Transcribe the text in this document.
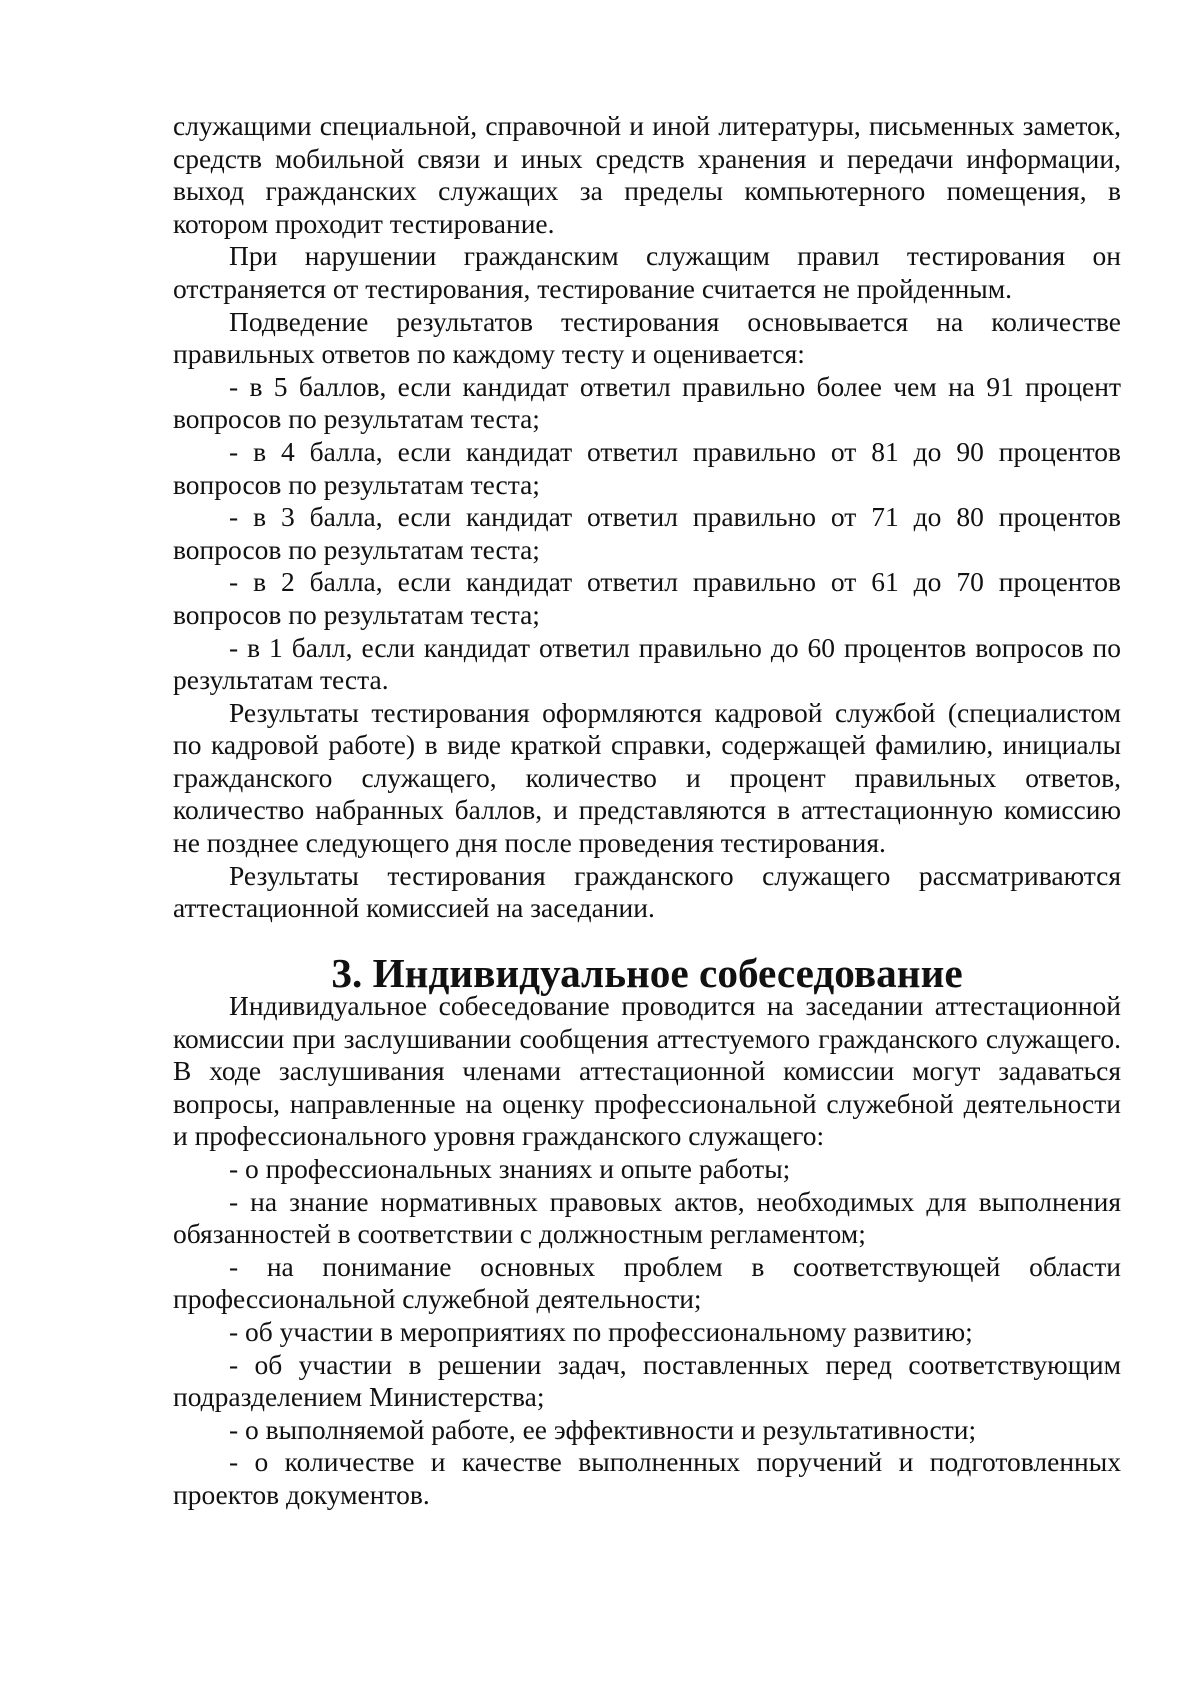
служащими специальной, справочной и иной литературы, письменных заметок, средств мобильной связи и иных средств хранения и передачи информации, выход гражданских служащих за пределы компьютерного помещения, в котором проходит тестирование.

При нарушении гражданским служащим правил тестирования он отстраняется от тестирования, тестирование считается не пройденным.

Подведение результатов тестирования основывается на количестве правильных ответов по каждому тесту и оценивается:

- в 5 баллов, если кандидат ответил правильно более чем на 91 процент вопросов по результатам теста;

- в 4 балла, если кандидат ответил правильно от 81 до 90 процентов вопросов по результатам теста;

- в 3 балла, если кандидат ответил правильно от 71 до 80 процентов вопросов по результатам теста;

- в 2 балла, если кандидат ответил правильно от 61 до 70 процентов вопросов по результатам теста;

- в 1 балл, если кандидат ответил правильно до 60 процентов вопросов по результатам теста.

Результаты тестирования оформляются кадровой службой (специалистом по кадровой работе) в виде краткой справки, содержащей фамилию, инициалы гражданского служащего, количество и процент правильных ответов, количество набранных баллов, и представляются в аттестационную комиссию не позднее следующего дня после проведения тестирования.

Результаты тестирования гражданского служащего рассматриваются аттестационной комиссией на заседании.

3. Индивидуальное собеседование

Индивидуальное собеседование проводится на заседании аттестационной комиссии при заслушивании сообщения аттестуемого гражданского служащего. В ходе заслушивания членами аттестационной комиссии могут задаваться вопросы, направленные на оценку профессиональной служебной деятельности и профессионального уровня гражданского служащего:

- о профессиональных знаниях и опыте работы;

- на знание нормативных правовых актов, необходимых для выполнения обязанностей в соответствии с должностным регламентом;

- на понимание основных проблем в соответствующей области профессиональной служебной деятельности;

- об участии в мероприятиях по профессиональному развитию;

- об участии в решении задач, поставленных перед соответствующим подразделением Министерства;

- о выполняемой работе, ее эффективности и результативности;

- о количестве и качестве выполненных поручений и подготовленных проектов документов.
